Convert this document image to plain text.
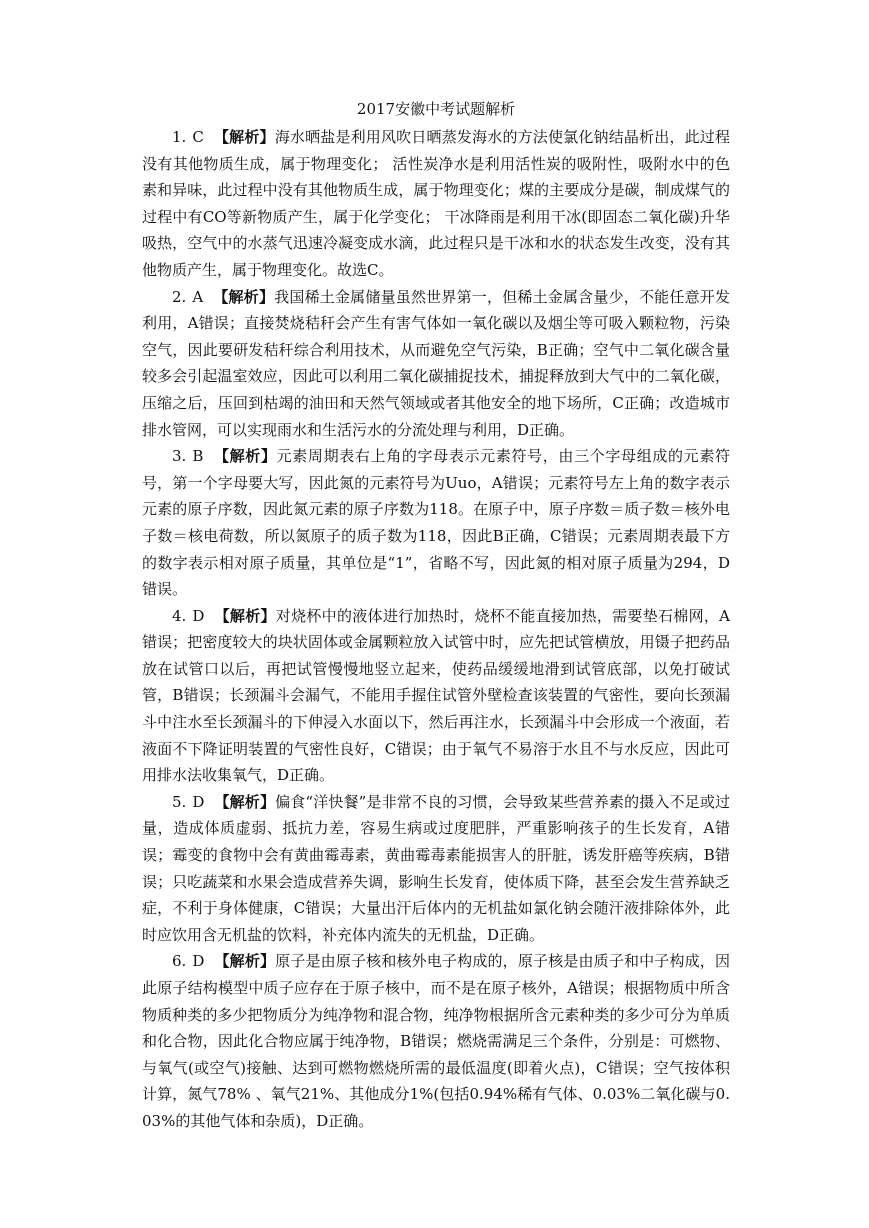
2017安徽中考试题解析

1. C 【解析】海水晒盐是利用风吹日晒蒸发海水的方法使氯化钠结晶析出，此过程没有其他物质生成，属于物理变化； 活性炭净水是利用活性炭的吸附性，吸附水中的色素和异味，此过程中没有其他物质生成，属于物理变化；煤的主要成分是碳，制成煤气的过程中有CO等新物质产生，属于化学变化； 干冰降雨是利用干冰(即固态二氧化碳)升华吸热，空气中的水蒸气迅速冷凝变成水滴，此过程只是干冰和水的状态发生改变，没有其他物质产生，属于物理变化。故选C。

2. A 【解析】我国稀土金属储量虽然世界第一，但稀土金属含量少，不能任意开发利用，A错误；直接焚烧秸秆会产生有害气体如一氧化碳以及烟尘等可吸入颗粒物，污染空气，因此要研发秸秆综合利用技术，从而避免空气污染，B正确；空气中二氧化碳含量较多会引起温室效应，因此可以利用二氧化碳捕捉技术，捕捉释放到大气中的二氧化碳，压缩之后，压回到枯竭的油田和天然气领域或者其他安全的地下场所，C正确；改造城市排水管网，可以实现雨水和生活污水的分流处理与利用，D正确。

3. B 【解析】元素周期表右上角的字母表示元素符号，由三个字母组成的元素符号，第一个字母要大写，因此氮的元素符号为Uuo，A错误；元素符号左上角的数字表示元素的原子序数，因此氮元素的原子序数为118。在原子中，原子序数＝质子数＝核外电子数＝核电荷数，所以氮原子的质子数为118，因此B正确，C错误；元素周期表最下方的数字表示相对原子质量，其单位是“1”，省略不写，因此氮的相对原子质量为294，D错误。

4. D 【解析】对烧杯中的液体进行加热时，烧杯不能直接加热，需要垫石棉网，A错误；把密度较大的块状固体或金属颗粒放入试管中时，应先把试管横放，用镊子把药品放在试管口以后，再把试管慢慢地竖立起来，使药品缓缓地滑到试管底部，以免打破试管，B错误；长颈漏斗会漏气，不能用手握住试管外壁检查该装置的气密性，要向长颈漏斗中注水至长颈漏斗的下伸浸入水面以下，然后再注水，长颈漏斗中会形成一个液面，若液面不下降证明装置的气密性良好，C错误；由于氧气不易溶于水且不与水反应，因此可用排水法收集氧气，D正确。

5. D 【解析】偏食“洋快餐”是非常不良的习惯，会导致某些营养素的摄入不足或过量，造成体质虚弱、抵抗力差，容易生病或过度肥胖，严重影响孩子的生长发育，A错误；霉变的食物中会有黄曲霉毒素，黄曲霉毒素能损害人的肝脏，诱发肝癌等疾病，B错误；只吃蔬菜和水果会造成营养失调，影响生长发育，使体质下降，甚至会发生营养缺乏症，不利于身体健康，C错误；大量出汗后体内的无机盐如氯化钠会随汗液排除体外，此时应饮用含无机盐的饮料，补充体内流失的无机盐，D正确。

6. D 【解析】原子是由原子核和核外电子构成的，原子核是由质子和中子构成，因此原子结构模型中质子应存在于原子核中，而不是在原子核外，A错误；根据物质中所含物质种类的多少把物质分为纯净物和混合物，纯净物根据所含元素种类的多少可分为单质和化合物，因此化合物应属于纯净物，B错误；燃烧需满足三个条件，分别是：可燃物、与氧气(或空气)接触、达到可燃物燃烧所需的最低温度(即着火点)，C错误；空气按体积计算，氮气78% 、氧气21%、其他成分1%(包括0.94%稀有气体、0.03%二氧化碳与0.03%的其他气体和杂质)，D正确。
